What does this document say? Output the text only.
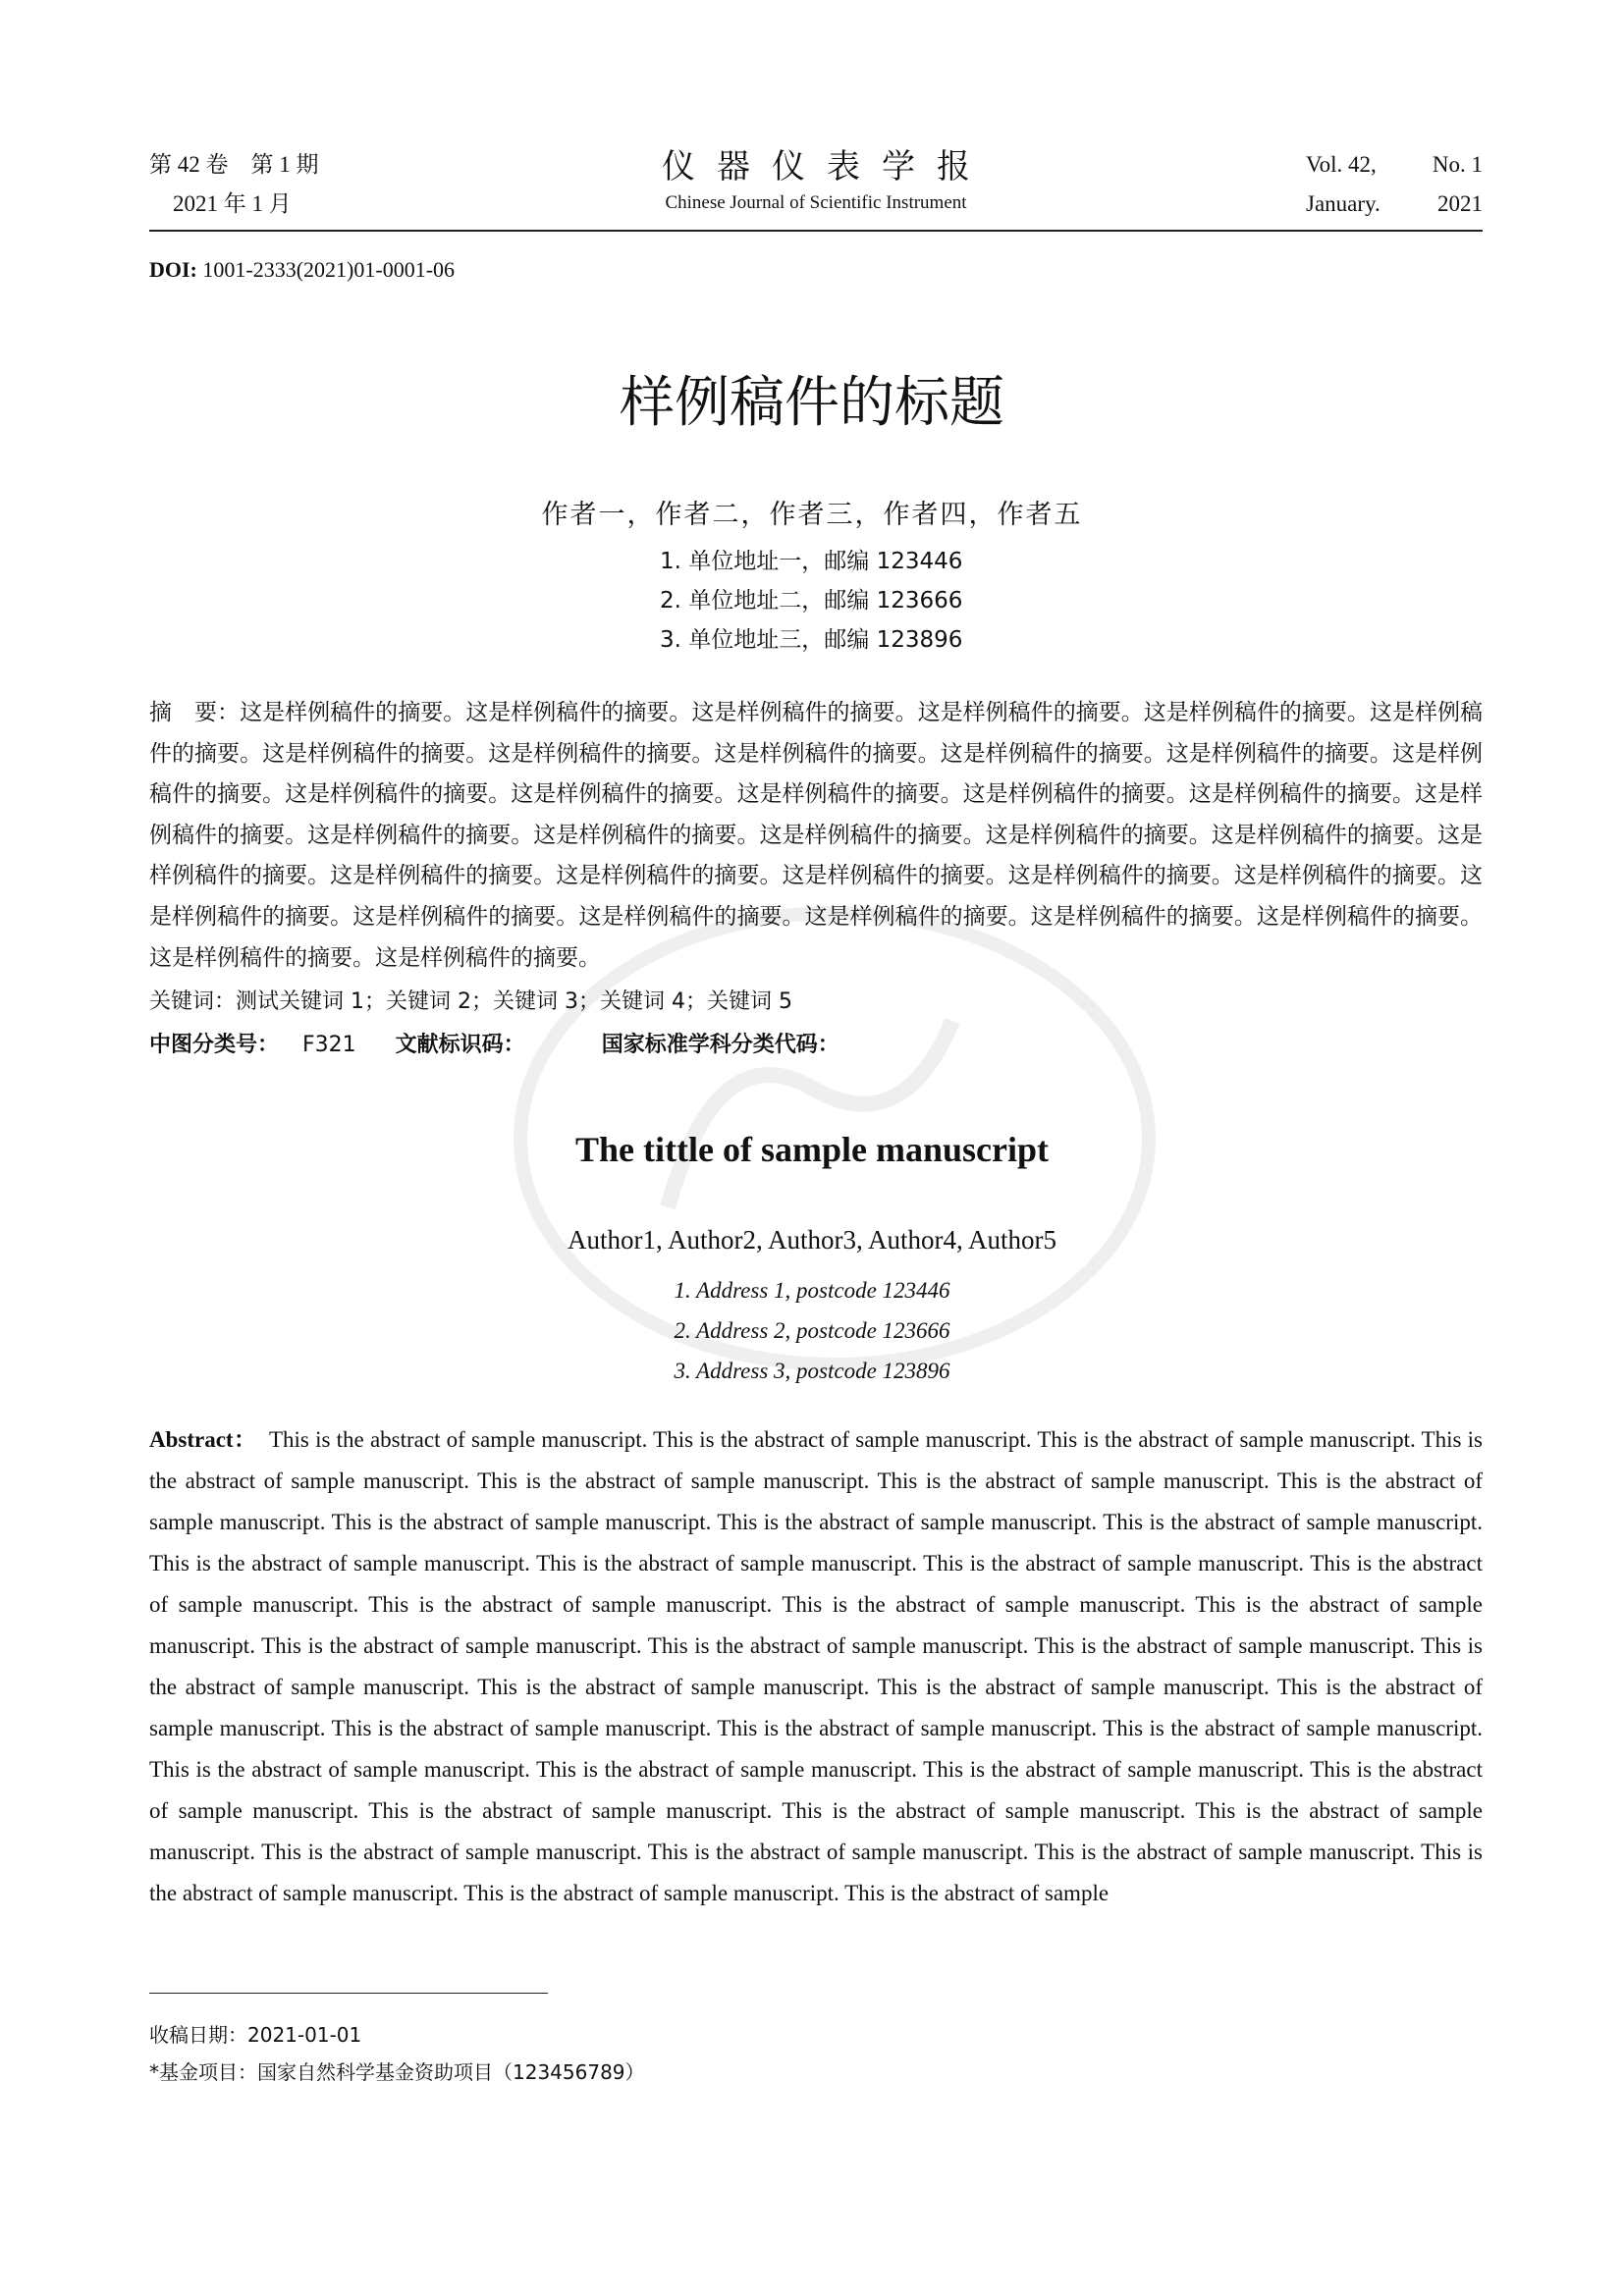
第 42 卷　第 1 期
2021 年 1 月
仪器仪表学报
Chinese Journal of Scientific Instrument
Vol. 42, No. 1
January.	2021
DOI: 1001-2333(2021)01-0001-06
样例稿件的标题
作者一，作者二，作者三，作者四，作者五
1. 单位地址一，邮编 123446
2. 单位地址二，邮编 123666
3. 单位地址三，邮编 123896
摘　要：这是样例稿件的摘要。这是样例稿件的摘要。这是样例稿件的摘要。这是样例稿件的摘要。这是样例稿件的摘要。这是样例稿件的摘要。这是样例稿件的摘要。这是样例稿件的摘要。这是样例稿件的摘要。这是样例稿件的摘要。这是样例稿件的摘要。这是样例稿件的摘要。这是样例稿件的摘要。这是样例稿件的摘要。这是样例稿件的摘要。这是样例稿件的摘要。这是样例稿件的摘要。这是样例稿件的摘要。这是样例稿件的摘要。这是样例稿件的摘要。这是样例稿件的摘要。这是样例稿件的摘要。这是样例稿件的摘要。这是样例稿件的摘要。这是样例稿件的摘要。这是样例稿件的摘要。这是样例稿件的摘要。这是样例稿件的摘要。这是样例稿件的摘要。这是样例稿件的摘要。这是样例稿件的摘要。这是样例稿件的摘要。这是样例稿件的摘要。这是样例稿件的摘要。这是样例稿件的摘要。这是样例稿件的摘要。这是样例稿件的摘要。
关键词：测试关键词 1；关键词 2；关键词 3；关键词 4；关键词 5
中图分类号： F321 文献标识码：	国家标准学科分类代码：
The tittle of sample manuscript
Author1, Author2, Author3, Author4, Author5
1. Address 1, postcode 123446
2. Address 2, postcode 123666
3. Address 3, postcode 123896
Abstract： This is the abstract of sample manuscript. This is the abstract of sample manuscript. This is the abstract of sample manuscript. This is the abstract of sample manuscript. This is the abstract of sample manuscript. This is the abstract of sample manuscript. This is the abstract of sample manuscript. This is the abstract of sample manuscript. This is the abstract of sample manuscript. This is the abstract of sample manuscript. This is the abstract of sample manuscript. This is the abstract of sample manuscript. This is the abstract of sample manuscript. This is the abstract of sample manuscript. This is the abstract of sample manuscript. This is the abstract of sample manuscript. This is the abstract of sample manuscript. This is the abstract of sample manuscript. This is the abstract of sample manuscript. This is the abstract of sample manuscript. This is the abstract of sample manuscript. This is the abstract of sample manuscript. This is the abstract of sample manuscript. This is the abstract of sample manuscript. This is the abstract of sample manuscript. This is the abstract of sample manuscript. This is the abstract of sample manuscript. This is the abstract of sample manuscript. This is the abstract of sample manuscript. This is the abstract of sample manuscript. This is the abstract of sample manuscript. This is the abstract of sample manuscript. This is the abstract of sample manuscript. This is the abstract of sample manuscript. This is the abstract of sample manuscript. This is the abstract of sample manuscript. This is the abstract of sample manuscript. This is the abstract of sample manuscript. This is the abstract of sample manuscript. This is the abstract of sample
收稿日期：2021-01-01
*基金项目：国家自然科学基金资助项目（123456789）
